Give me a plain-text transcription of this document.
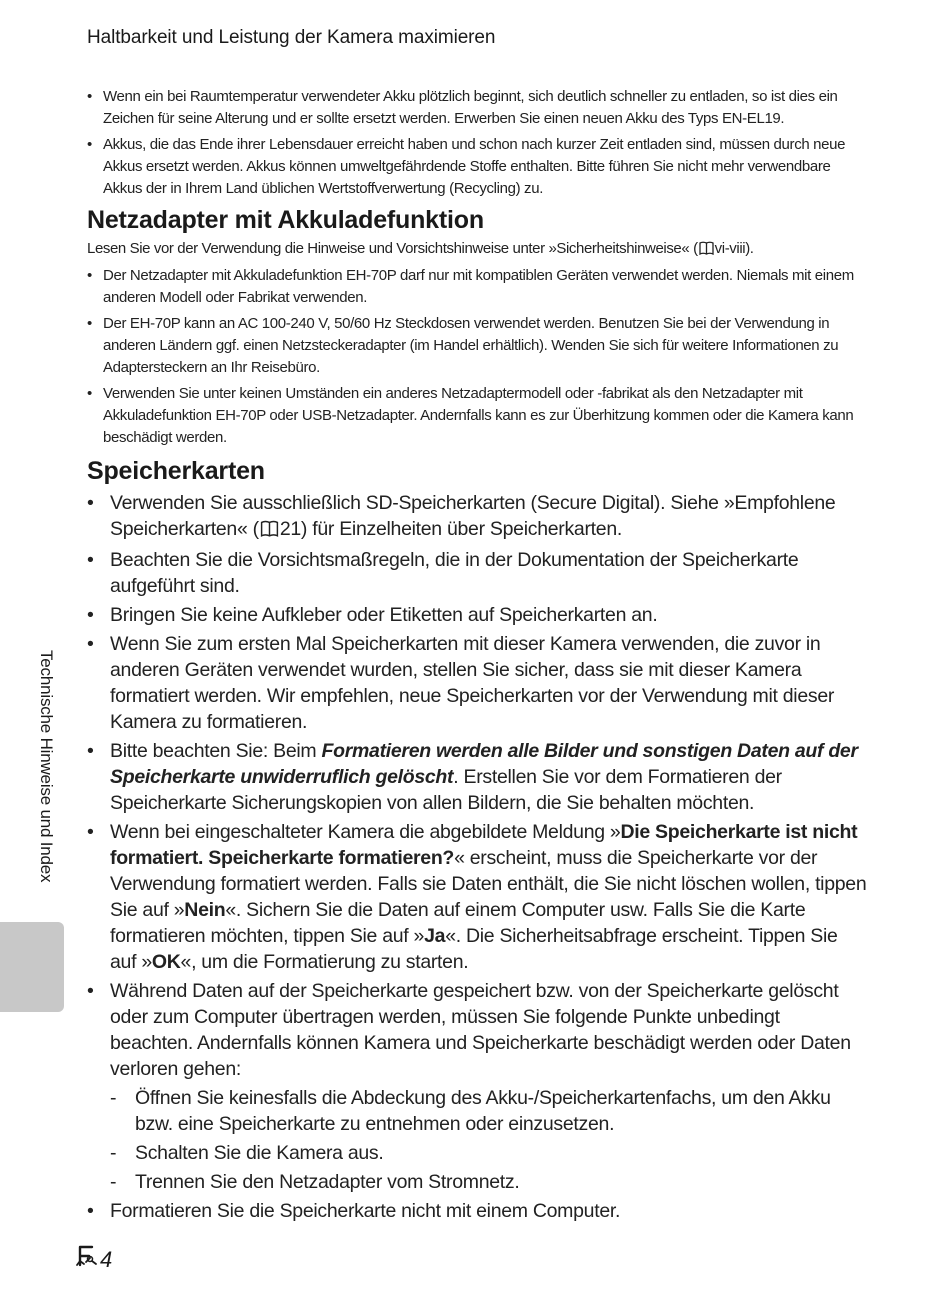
Haltbarkeit und Leistung der Kamera maximieren
• Wenn ein bei Raumtemperatur verwendeter Akku plötzlich beginnt, sich deutlich schneller zu entladen, so ist dies ein Zeichen für seine Alterung und er sollte ersetzt werden. Erwerben Sie einen neuen Akku des Typs EN-EL19.
• Akkus, die das Ende ihrer Lebensdauer erreicht haben und schon nach kurzer Zeit entladen sind, müssen durch neue Akkus ersetzt werden. Akkus können umweltgefährdende Stoffe enthalten. Bitte führen Sie nicht mehr verwendbare Akkus der in Ihrem Land üblichen Wertstoffverwertung (Recycling) zu.
Netzadapter mit Akkuladefunktion
Lesen Sie vor der Verwendung die Hinweise und Vorsichtshinweise unter »Sicherheitshinweise« ( vi-viii).
• Der Netzadapter mit Akkuladefunktion EH-70P darf nur mit kompatiblen Geräten verwendet werden. Niemals mit einem anderen Modell oder Fabrikat verwenden.
• Der EH-70P kann an AC 100-240 V, 50/60 Hz Steckdosen verwendet werden. Benutzen Sie bei der Verwendung in anderen Ländern ggf. einen Netzsteckeradapter (im Handel erhältlich). Wenden Sie sich für weitere Informationen zu Adaptersteckern an Ihr Reisebüro.
• Verwenden Sie unter keinen Umständen ein anderes Netzadaptermodell oder -fabrikat als den Netzadapter mit Akkuladefunktion EH-70P oder USB-Netzadapter. Andernfalls kann es zur Überhitzung kommen oder die Kamera kann beschädigt werden.
Speicherkarten
• Verwenden Sie ausschließlich SD-Speicherkarten (Secure Digital). Siehe »Empfohlene Speicherkarten« ( 21) für Einzelheiten über Speicherkarten.
• Beachten Sie die Vorsichtsmaßregeln, die in der Dokumentation der Speicherkarte aufgeführt sind.
• Bringen Sie keine Aufkleber oder Etiketten auf Speicherkarten an.
• Wenn Sie zum ersten Mal Speicherkarten mit dieser Kamera verwenden, die zuvor in anderen Geräten verwendet wurden, stellen Sie sicher, dass sie mit dieser Kamera formatiert werden. Wir empfehlen, neue Speicherkarten vor der Verwendung mit dieser Kamera zu formatieren.
• Bitte beachten Sie: Beim Formatieren werden alle Bilder und sonstigen Daten auf der Speicherkarte unwiderruflich gelöscht. Erstellen Sie vor dem Formatieren der Speicherkarte Sicherungskopien von allen Bildern, die Sie behalten möchten.
• Wenn bei eingeschalteter Kamera die abgebildete Meldung »Die Speicherkarte ist nicht formatiert. Speicherkarte formatieren?« erscheint, muss die Speicherkarte vor der Verwendung formatiert werden. Falls sie Daten enthält, die Sie nicht löschen wollen, tippen Sie auf »Nein«. Sichern Sie die Daten auf einem Computer usw. Falls Sie die Karte formatieren möchten, tippen Sie auf »Ja«. Die Sicherheitsabfrage erscheint. Tippen Sie auf »OK«, um die Formatierung zu starten.
• Während Daten auf der Speicherkarte gespeichert bzw. von der Speicherkarte gelöscht oder zum Computer übertragen werden, müssen Sie folgende Punkte unbedingt beachten. Andernfalls können Kamera und Speicherkarte beschädigt werden oder Daten verloren gehen:
- Öffnen Sie keinesfalls die Abdeckung des Akku-/Speicherkartenfachs, um den Akku bzw. eine Speicherkarte zu entnehmen oder einzusetzen.
- Schalten Sie die Kamera aus.
- Trennen Sie den Netzadapter vom Stromnetz.
• Formatieren Sie die Speicherkarte nicht mit einem Computer.
Technische Hinweise und Index
4
